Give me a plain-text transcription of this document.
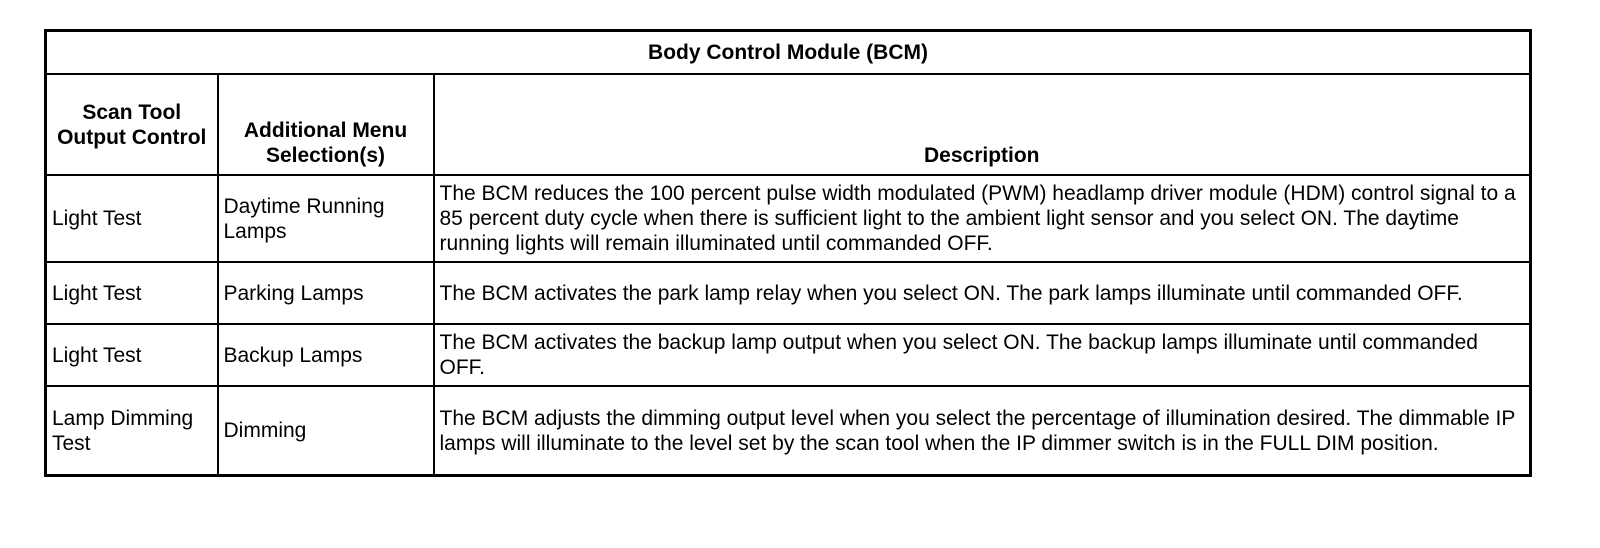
Body Control Module (BCM)		
Scan Tool Output Control	Additional Menu Selection(s)	Description
Light Test	Daytime Running Lamps	The BCM reduces the 100 percent pulse width modulated (PWM) headlamp driver module (HDM) control signal to a 85 percent duty cycle when there is sufficient light to the ambient light sensor and you select ON. The daytime running lights will remain illuminated until commanded OFF.
Light Test	Parking Lamps	The BCM activates the park lamp relay when you select ON. The park lamps illuminate until commanded OFF.
Light Test	Backup Lamps	The BCM activates the backup lamp output when you select ON. The backup lamps illuminate until commanded OFF.
Lamp Dimming Test	Dimming	The BCM adjusts the dimming output level when you select the percentage of illumination desired. The dimmable IP lamps will illuminate to the level set by the scan tool when the IP dimmer switch is in the FULL DIM position.
